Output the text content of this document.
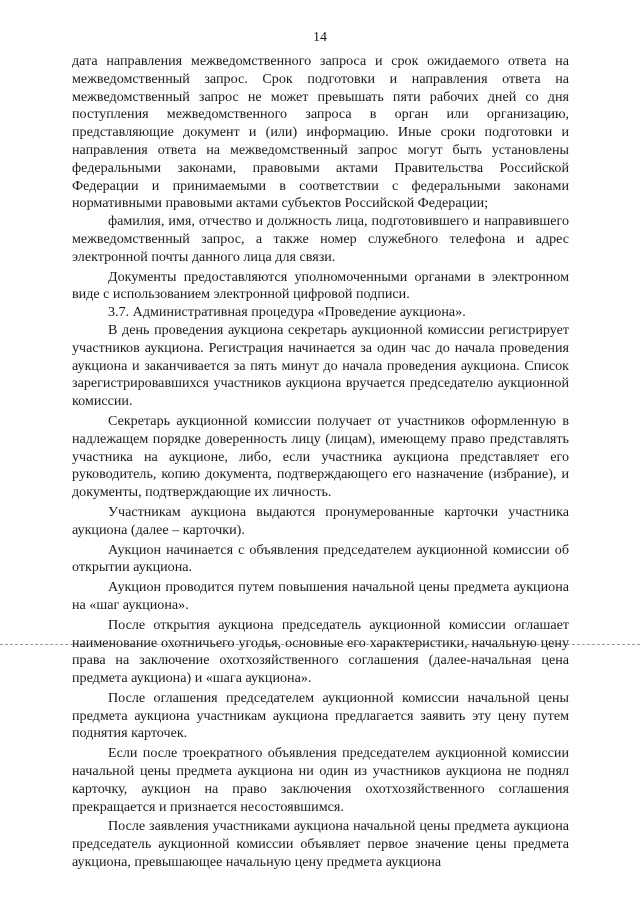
14

дата направления межведомственного запроса и срок ожидаемого ответа на межведомственный запрос. Срок подготовки и направления ответа на межведомственный запрос не может превышать пяти рабочих дней со дня поступления межведомственного запроса в орган или организацию, представляющие документ и (или) информацию. Иные сроки подготовки и направления ответа на межведомственный запрос могут быть установлены федеральными законами, правовыми актами Правительства Российской Федерации и принимаемыми в соответствии с федеральными законами нормативными правовыми актами субъектов Российской Федерации;

фамилия, имя, отчество и должность лица, подготовившего и направившего межведомственный запрос, а также номер служебного телефона и адрес электронной почты данного лица для связи.

Документы предоставляются уполномоченными органами в электронном виде с использованием электронной цифровой подписи.

3.7. Административная процедура «Проведение аукциона».

В день проведения аукциона секретарь аукционной комиссии регистрирует участников аукциона. Регистрация начинается за один час до начала проведения аукциона и заканчивается за пять минут до начала проведения аукциона. Список зарегистрировавшихся участников аукциона вручается председателю аукционной комиссии.

Секретарь аукционной комиссии получает от участников оформленную в надлежащем порядке доверенность лицу (лицам), имеющему право представлять участника на аукционе, либо, если участника аукциона представляет его руководитель, копию документа, подтверждающего его назначение (избрание), и документы, подтверждающие их личность.

Участникам аукциона выдаются пронумерованные карточки участника аукциона (далее – карточки).

Аукцион начинается с объявления председателем аукционной комиссии об открытии аукциона.

Аукцион проводится путем повышения начальной цены предмета аукциона на «шаг аукциона».

После открытия аукциона председатель аукционной комиссии оглашает наименование охотничьего угодья, основные его характеристики, начальную цену права на заключение охотхозяйственного соглашения (далее-начальная цена предмета аукциона) и «шага аукциона».

После оглашения председателем аукционной комиссии начальной цены предмета аукциона участникам аукциона предлагается заявить эту цену путем поднятия карточек.

Если после троекратного объявления председателем аукционной комиссии начальной цены предмета аукциона ни один из участников аукциона не поднял карточку, аукцион на право заключения охотхозяйственного соглашения прекращается и признается несостоявшимся.

После заявления участниками аукциона начальной цены предмета аукциона председатель аукционной комиссии объявляет первое значение цены предмета аукциона, превышающее начальную цену предмета аукциона
